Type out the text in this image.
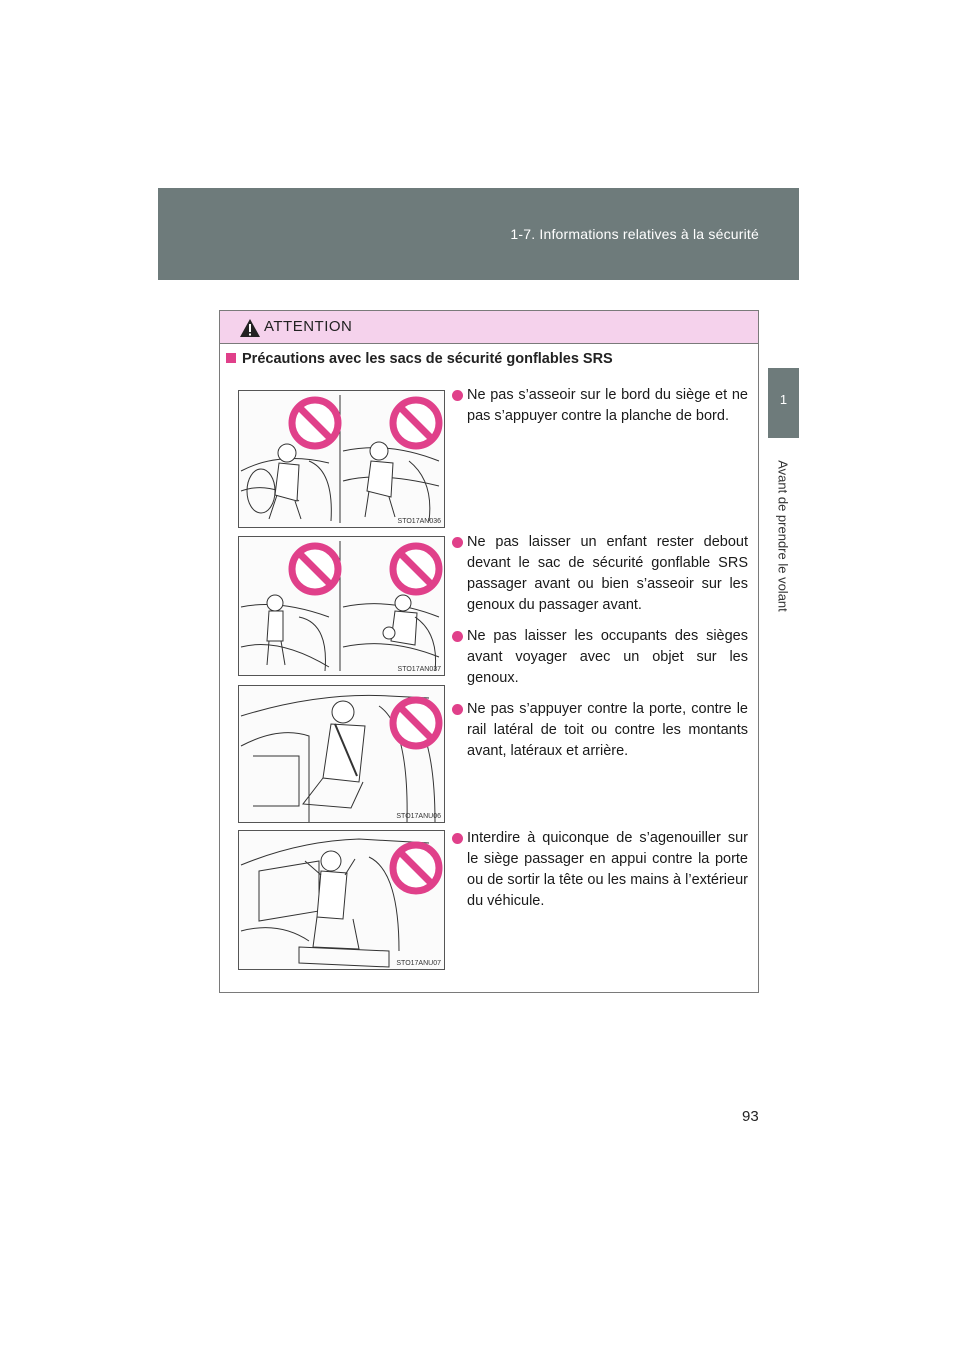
1-7. Informations relatives à la sécurité
1
Avant de prendre le volant
ATTENTION
Précautions avec les sacs de sécurité gonflables SRS
STO17AN036
STO17AN037
STO17ANU06
STO17ANU07
Ne pas s’asseoir sur le bord du siège et ne pas s’appuyer contre la planche de bord.
Ne pas laisser un enfant rester debout devant le sac de sécurité gonflable SRS passager avant ou bien s’asseoir sur les genoux du passager avant.
Ne pas laisser les occupants des sièges avant voyager avec un objet sur les genoux.
Ne pas s’appuyer contre la porte, contre le rail latéral de toit ou contre les montants avant, latéraux et arrière.
Interdire à quiconque de s’agenouiller sur le siège passager en appui contre la porte ou de sortir la tête ou les mains à l’extérieur du véhicule.
93
